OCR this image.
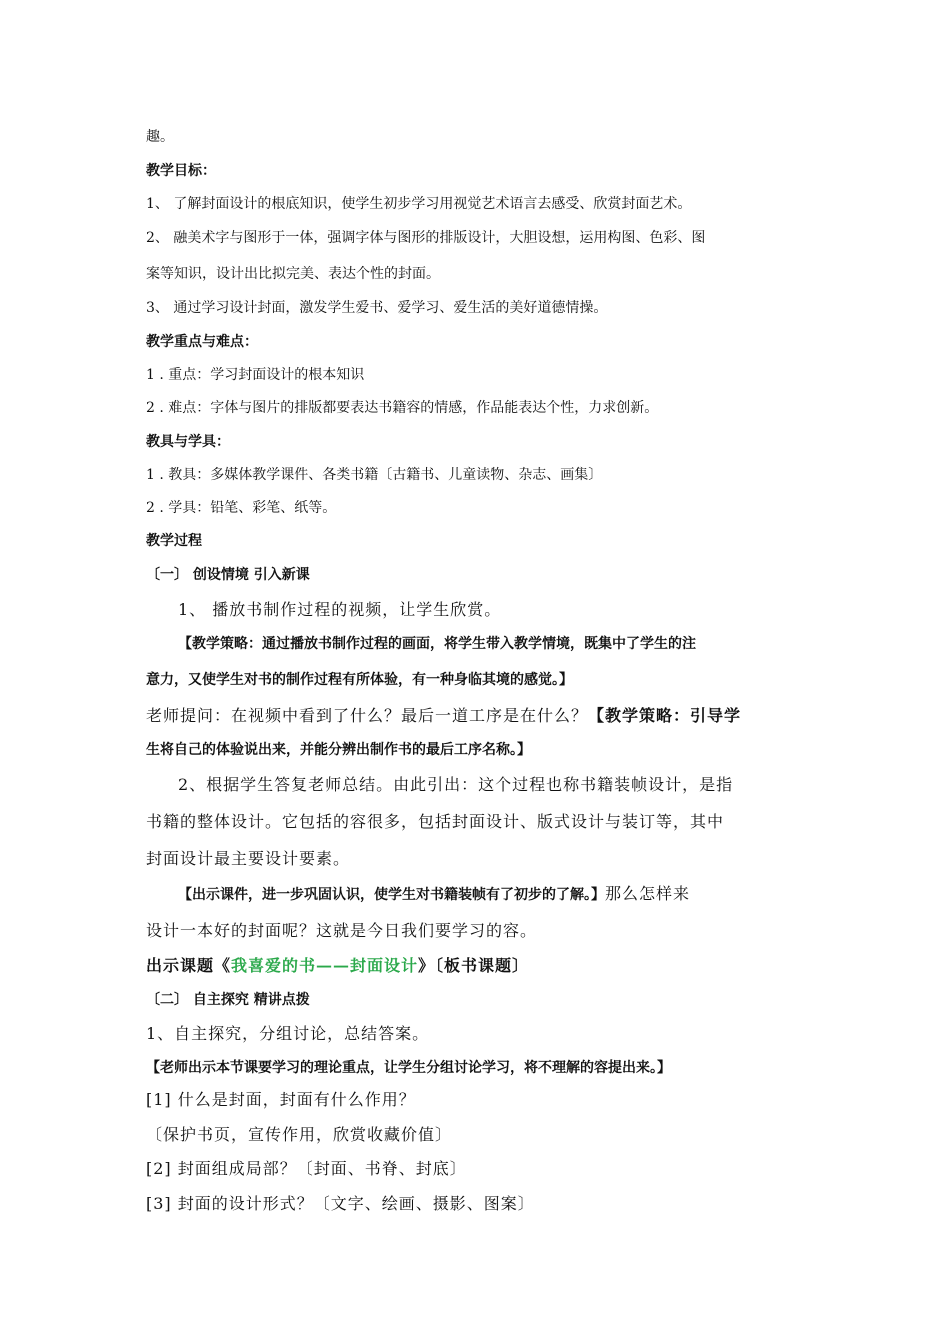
趣。
教学目标：
1、 了解封面设计的根底知识，使学生初步学习用视觉艺术语言去感受、欣赏封面艺术。
2、 融美术字与图形于一体，强调字体与图形的排版设计，大胆设想，运用构图、色彩、图
案等知识，设计出比拟完美、表达个性的封面。
3、 通过学习设计封面，激发学生爱书、爱学习、爱生活的美好道德情操。
教学重点与难点：
1 . 重点：学习封面设计的根本知识
2 . 难点：字体与图片的排版都要表达书籍容的情感，作品能表达个性，力求创新。
教具与学具：
1 . 教具：多媒体教学课件、各类书籍〔古籍书、儿童读物、杂志、画集〕
2 . 学具：铅笔、彩笔、纸等。
教学过程
〔一〕 创设情境 引入新课
1、 播放书制作过程的视频，让学生欣赏。
【教学策略：通过播放书制作过程的画面，将学生带入教学情境，既集中了学生的注
意力，又使学生对书的制作过程有所体验，有一种身临其境的感觉。】
老师提问：在视频中看到了什么？最后一道工序是在什么？【教学策略：引导学
生将自己的体验说出来，并能分辨出制作书的最后工序名称。】
2、根据学生答复老师总结。由此引出：这个过程也称书籍装帧设计，是指
书籍的整体设计。它包括的容很多，包括封面设计、版式设计与装订等，其中
封面设计最主要设计要素。
【出示课件，进一步巩固认识，使学生对书籍装帧有了初步的了解。】那么怎样来
设计一本好的封面呢？这就是今日我们要学习的容。
出示课题《我喜爱的书——封面设计》〔板书课题〕
〔二〕 自主探究 精讲点拨
1、自主探究，分组讨论，总结答案。
【老师出示本节课要学习的理论重点，让学生分组讨论学习，将不理解的容提出来。】
[1] 什么是封面，封面有什么作用？
〔保护书页，宣传作用，欣赏收藏价值〕
[2] 封面组成局部？〔封面、书脊、封底〕
[3] 封面的设计形式？〔文字、绘画、摄影、图案〕
